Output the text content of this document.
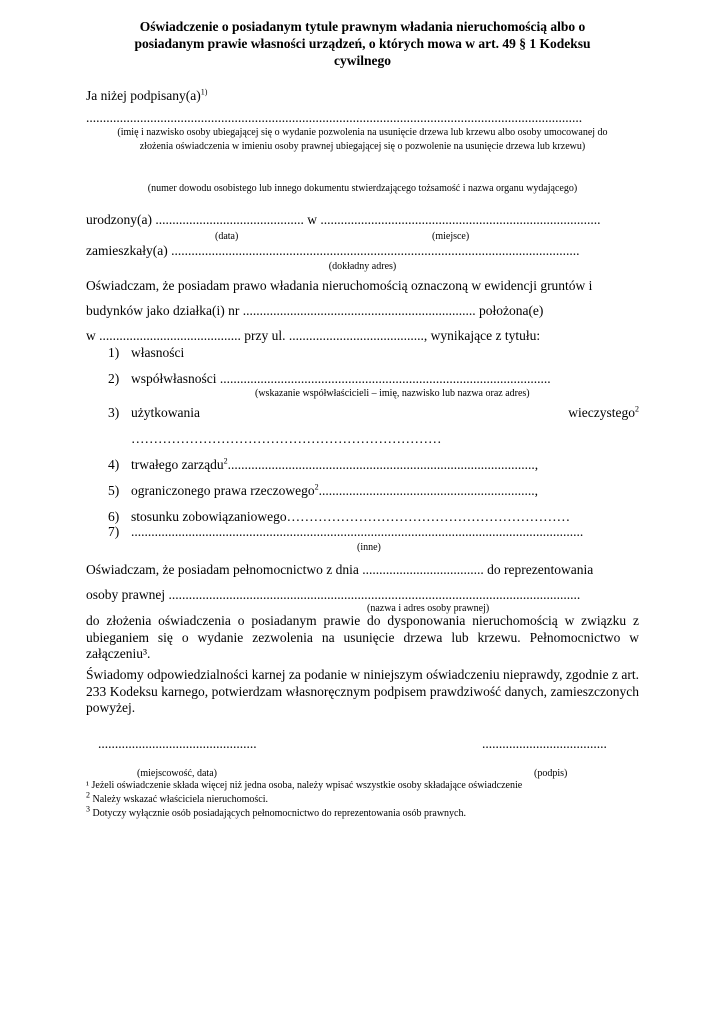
Oświadczenie o posiadanym tytule prawnym władania nieruchomością albo o
posiadanym prawie własności urządzeń, o których mowa w art. 49 § 1 Kodeksu
cywilnego
Ja niżej $podpisany(a)^{1)}$
...................................................................................................................................................
(imię i nazwisko osoby ubiegającej się o wydanie pozwolenia na usunięcie drzewa lub krzewu albo osoby umocowanej do
złożenia oświadczenia w imieniu osoby prawnej ubiegającej się o pozwolenie na usunięcie drzewa lub krzewu)
(numer dowodu osobistego lub innego dokumentu stwierdzającego tożsamość i nazwa organu wydającego)
urodzony(a) ............................................ w ...................................................................................
(data)	(miejsce)
zamieszkały(a) .........................................................................................................................
(dokładny adres)
Oświadczam, że posiadam prawo władania nieruchomością oznaczoną w ewidencji gruntów i
budynków jako działka(i) nr ..................................................................... położona(e)
w .......................................... przy ul. ........................................, wynikające z tytułu:
1) własności
2) współwłasności ..................................................................................................
(wskazanie współwłaścicieli – imię, nazwisko lub nazwa oraz adres)
3) użytkowania	wieczystego$^2$
……………………………………………………………
4) trwałego zarządu$^2$...........................................................................................,
5) ograniczonego prawa rzeczowego$^2$................................................................,
6) stosunku zobowiązaniowego………………………………………………………
7) ......................................................................................................................................
(inne)
Oświadczam, że posiadam pełnomocnictwo z dnia .................................... do reprezentowania
osoby prawnej ..........................................................................................................................
(nazwa i adres osoby prawnej)
do złożenia oświadczenia o posiadanym prawie do dysponowania nieruchomością w związku z ubieganiem się o wydanie zezwolenia na usunięcie drzewa lub krzewu. Pełnomocnictwo w załączeniu³.
Świadomy odpowiedzialności karnej za podanie w niniejszym oświadczeniu nieprawdy, zgodnie z art. 233 Kodeksu karnego, potwierdzam własnoręcznym podpisem prawdziwość danych, zamieszczonych powyżej.
...............................................	.....................................
(miejscowość, data)	(podpis)
¹ Jeżeli oświadczenie składa więcej niż jedna osoba, należy wpisać wszystkie osoby składające oświadczenie
$^2$ Należy wskazać właściciela nieruchomości.
$^3$ Dotyczy wyłącznie osób posiadających pełnomocnictwo do reprezentowania osób prawnych.
